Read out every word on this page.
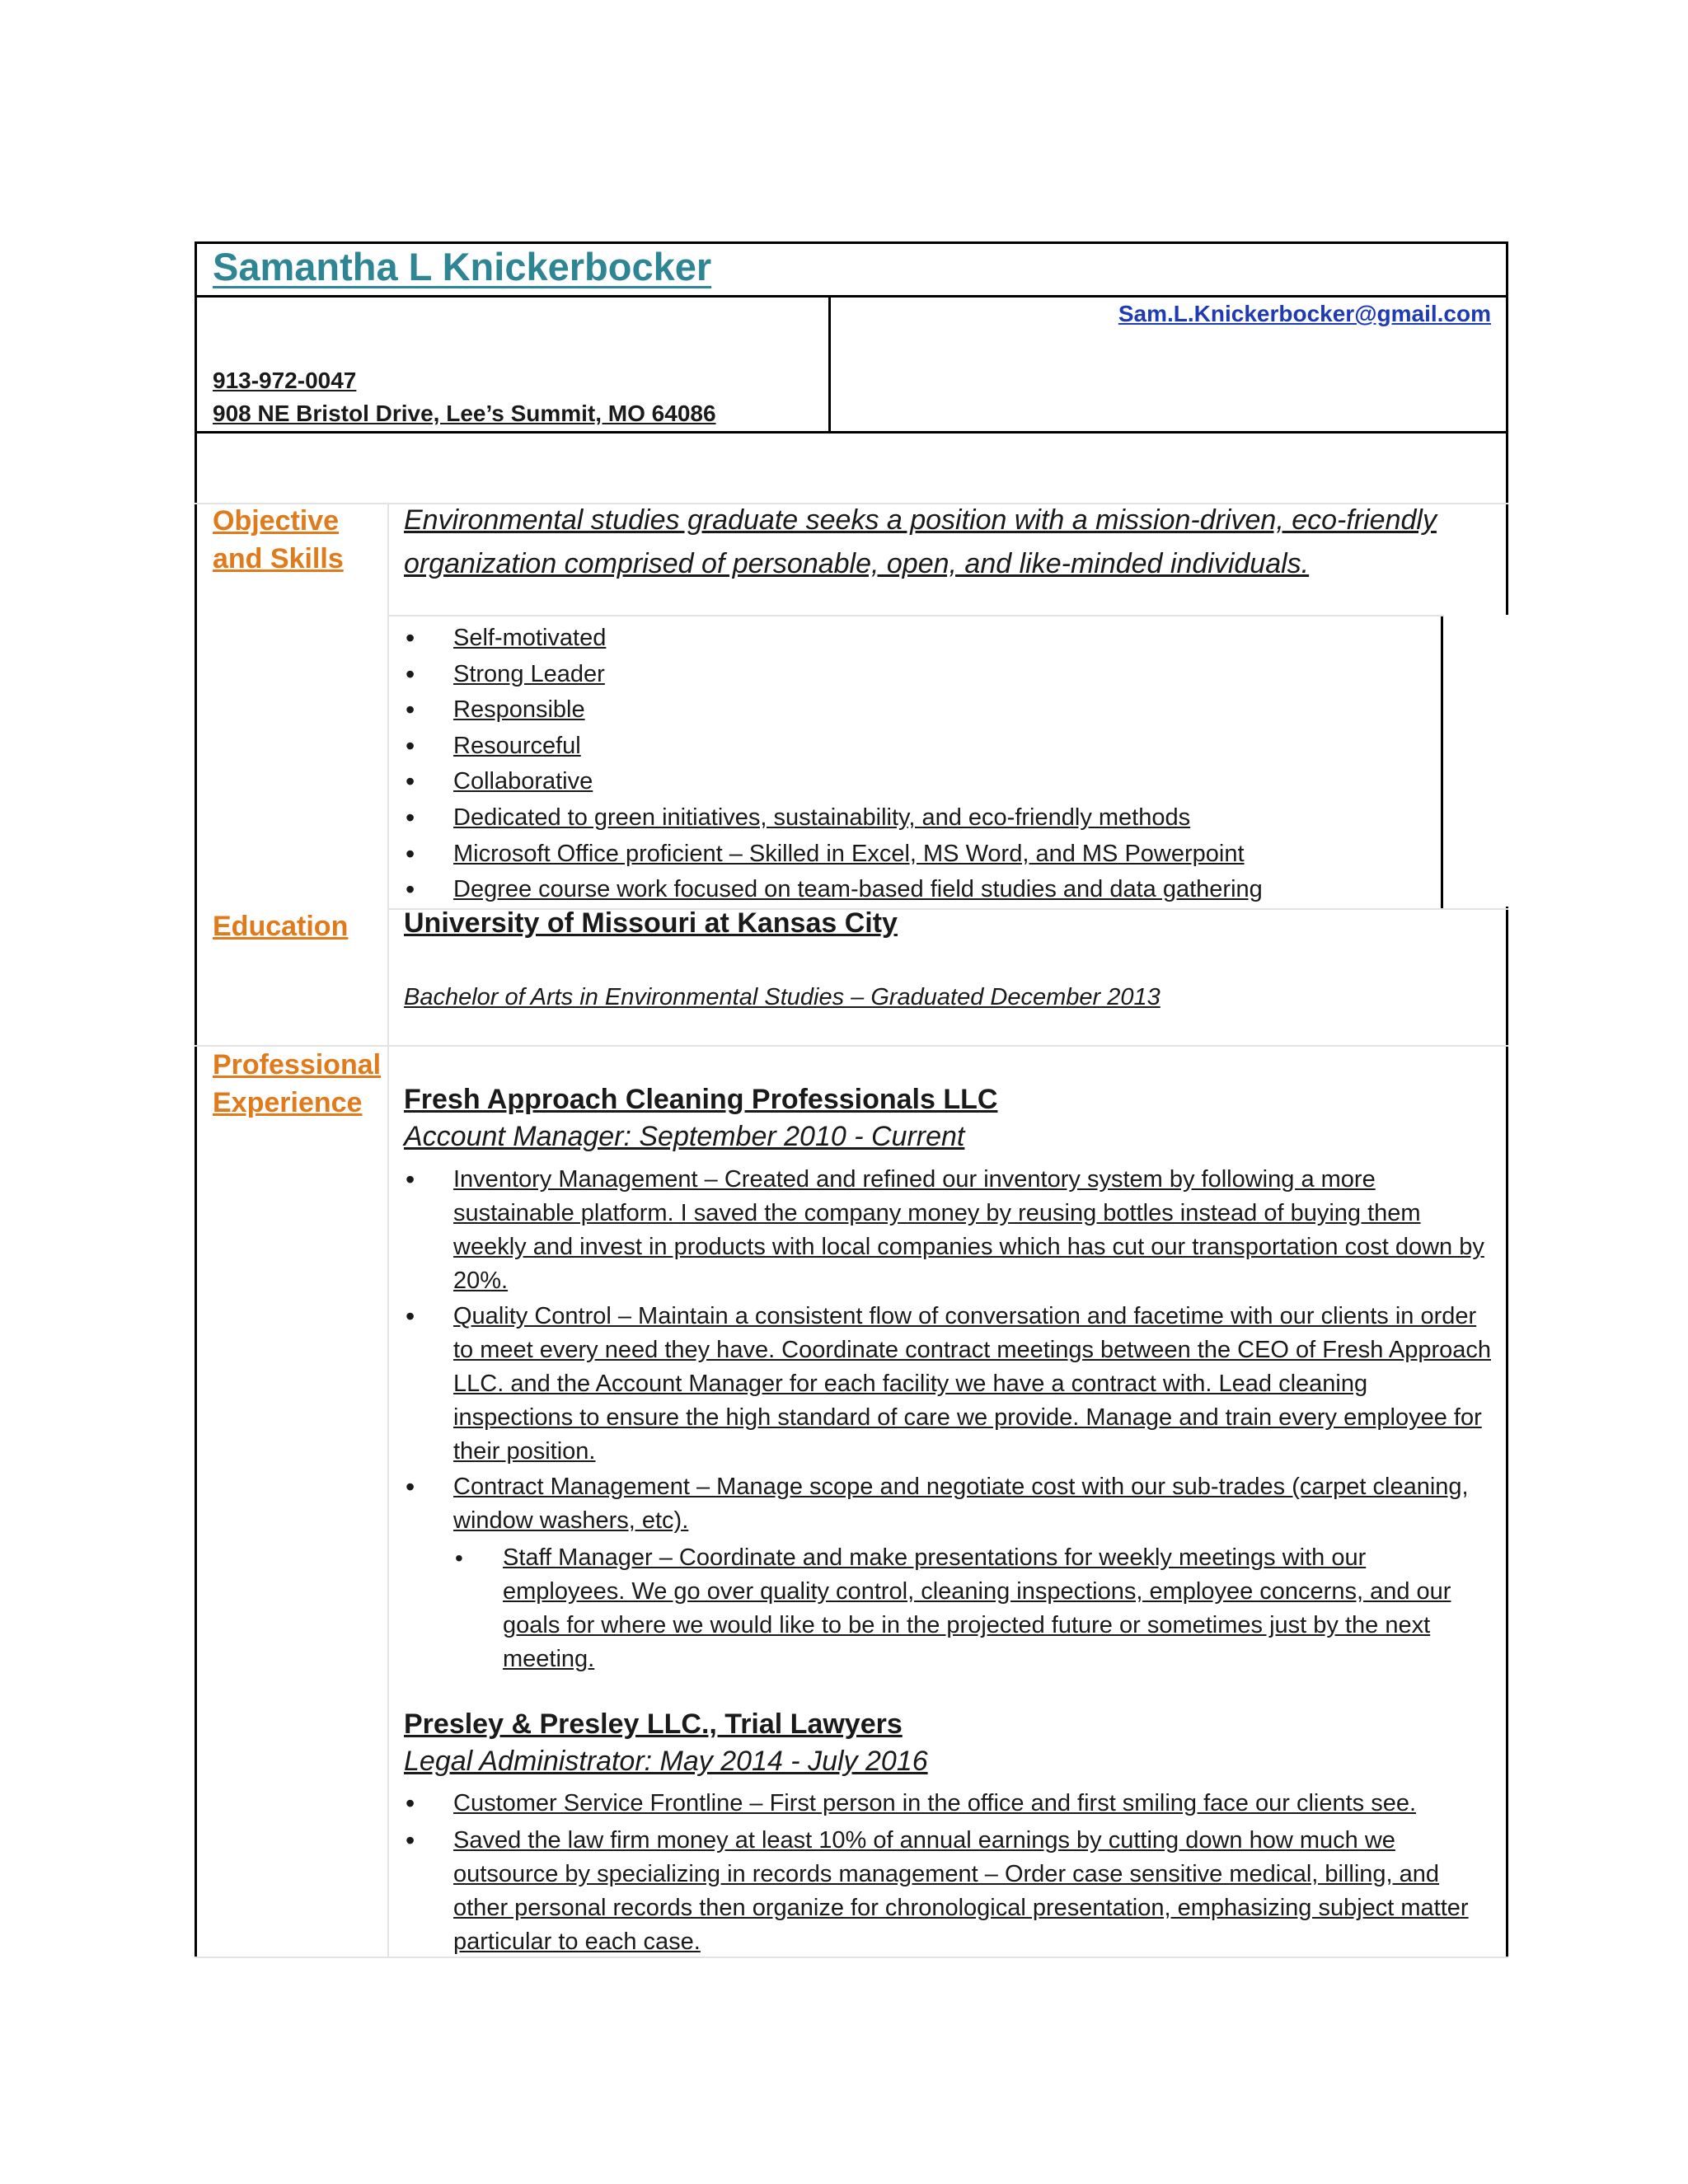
Samantha L Knickerbocker
Sam.L.Knickerbocker@gmail.com
913-972-0047
908 NE Bristol Drive, Lee’s Summit, MO 64086
Objective
and Skills
Environmental studies graduate seeks a position with a mission-driven, eco-friendly organization comprised of personable, open, and like-minded individuals.
• Self-motivated
• Strong Leader
• Responsible
• Resourceful
• Collaborative
• Dedicated to green initiatives, sustainability, and eco-friendly methods
• Microsoft Office proficient – Skilled in Excel, MS Word, and MS Powerpoint
• Degree course work focused on team-based field studies and data gathering
Education University of Missouri at Kansas City
Bachelor of Arts in Environmental Studies – Graduated December 2013
Professional
Experience	Fresh Approach Cleaning Professionals LLC
Account Manager: September 2010 - Current
• Inventory Management – Created and refined our inventory system by following a more sustainable platform. I saved the company money by reusing bottles instead of buying them weekly and invest in products with local companies which has cut our transportation cost down by 20%.
• Quality Control – Maintain a consistent flow of conversation and facetime with our clients in order to meet every need they have. Coordinate contract meetings between the CEO of Fresh Approach LLC. and the Account Manager for each facility we have a contract with. Lead cleaning inspections to ensure the high standard of care we provide. Manage and train every employee for their position.
• Contract Management – Manage scope and negotiate cost with our sub-trades (carpet cleaning, window washers, etc).
• Staff Manager – Coordinate and make presentations for weekly meetings with our employees. We go over quality control, cleaning inspections, employee concerns, and our goals for where we would like to be in the projected future or sometimes just by the next meeting.
Presley & Presley LLC., Trial Lawyers
Legal Administrator: May 2014 - July 2016
• Customer Service Frontline – First person in the office and first smiling face our clients see.
• Saved the law firm money at least 10% of annual earnings by cutting down how much we outsource by specializing in records management – Order case sensitive medical, billing, and other personal records then organize for chronological presentation, emphasizing subject matter particular to each case.
